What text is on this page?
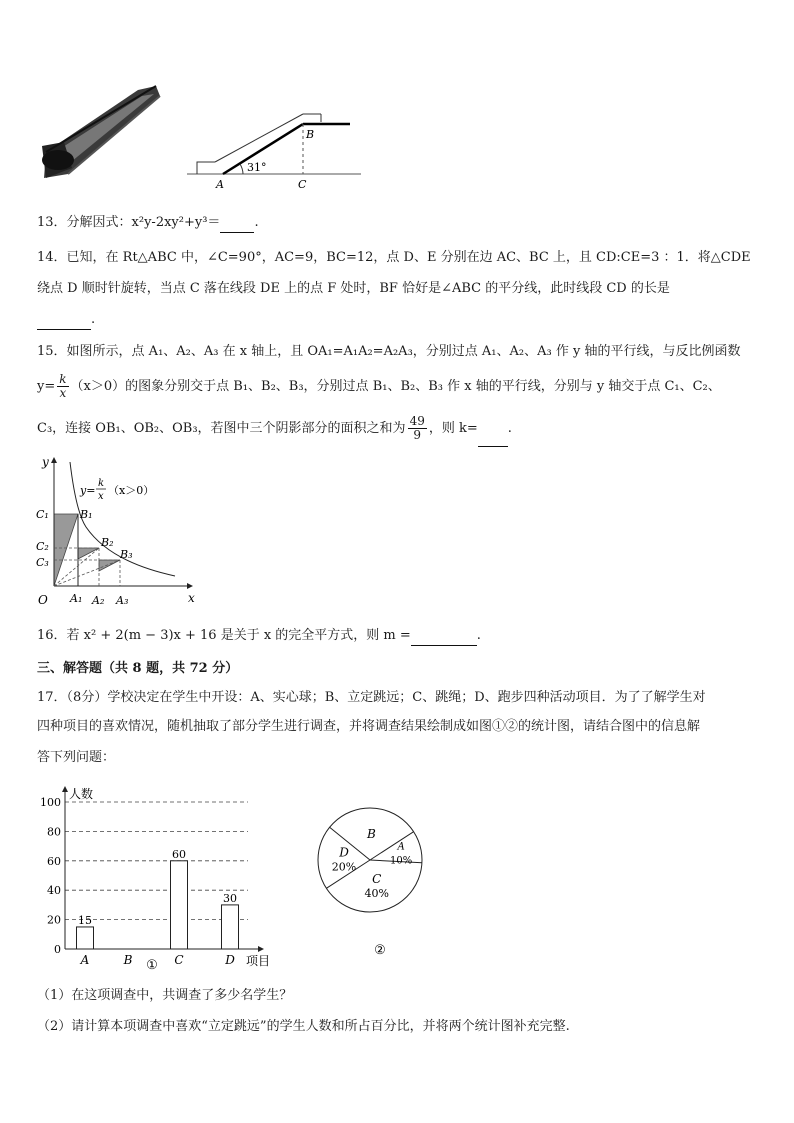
31°
A	C
B
13．分解因式：x²y-2xy²+y³＝	.
14．已知，在 Rt△ABC 中，∠C=90°，AC=9，BC=12，点 D、E 分别在边 AC、BC 上，且 CD:CE=3 ：1．将△CDE
绕点 D 顺时针旋转，当点 C 落在线段 DE 上的点 F 处时，BF 恰好是∠ABC 的平分线，此时线段 CD 的长是
.
15．如图所示，点 A₁、A₂、A₃ 在 x 轴上，且 OA₁=A₁A₂=A₂A₃，分别过点 A₁、A₂、A₃ 作 y 轴的平行线，与反比例函数
$y= \frac{k}{x} (x>0)$的图象分别交于点 B₁、B₂、B₃，分别过点 B₁、B₂、B₃ 作 x 轴的平行线，分别与 y 轴交于点 C₁、C₂、
C₃，连接 OB₁、OB₂、OB₃，若图中三个阴影部分的面积之和为 $\frac{49}{9}$ ，则 k= .
y
x
O
y=
k
x （x＞0）
C₁
C₂
C₃
B₁
B₂
B₃
A₁ A₂ A₃
16．若 x² + 2(m − 3)x + 16 是关于 x 的完全平方式，则 m =	.
三、解答题（共 8 题，共 72 分）
17．（8分）学校决定在学生中开设：A、实心球；B、立定跳远；C、跳绳；D、跑步四种活动项目．为了了解学生对
四种项目的喜欢情况，随机抽取了部分学生进行调查，并将调查结果绘制成如图①②的统计图，请结合图中的信息解
答下列问题：
0
20
40
60
80
100
人数
项目
15
A	B
60
C
30
D
①
A
10%
C
40%
D
20%
B
②
（1）在这项调查中，共调查了多少名学生？
（2）请计算本项调查中喜欢“立定跳远”的学生人数和所占百分比，并将两个统计图补充完整.
